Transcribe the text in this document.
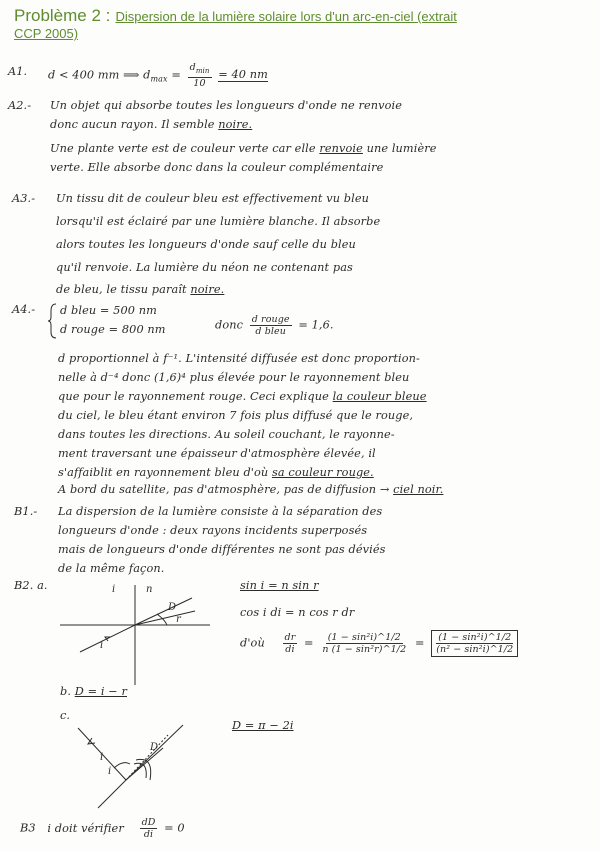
Problème 2 : Dispersion de la lumière solaire lors d'un arc-en-ciel (extrait
CCP 2005)
A1. d < 400 mm ⟹ $d_{max} = \frac{d_{min}}{10} = 40$ nm
A2.- Un objet qui absorbe toutes les longueurs d'onde ne renvoie
donc aucun rayon. Il semble noire.
Une plante verte est de couleur verte car elle renvoie une lumière
verte. Elle absorbe donc dans la couleur complémentaire
A3.- Un tissu dit de couleur bleu est effectivement vu bleu
lorsqu'il est éclairé par une lumière blanche. Il absorbe
alors toutes les longueurs d'onde sauf celle du bleu
qu'il renvoie. La lumière du néon ne contenant pas
de bleu, le tissu paraît noire.
A4.- d bleu = 500 nm
d rouge = 800 nm	donc $\frac{\text{d rouge}}{\text{d bleu}} = 1,6$.
d proportionnel à f⁻¹. L'intensité diffusée est donc proportion-
nelle à d⁻⁴ donc (1,6)⁴ plus élevée pour le rayonnement bleu
que pour le rayonnement rouge. Ceci explique la couleur bleue
du ciel, le bleu étant environ 7 fois plus diffusé que le rouge,
dans toutes les directions. Au soleil couchant, le rayonne-
ment traversant une épaisseur d'atmosphère élevée, il
s'affaiblit en rayonnement bleu d'où sa couleur rouge.
A bord du satellite, pas d'atmosphère, pas de diffusion → ciel noir.
B1.- La dispersion de la lumière consiste à la séparation des
longueurs d'onde : deux rayons incidents superposés
mais de longueurs d'onde différentes ne sont pas déviés
de la même façon.
B2. a.	i	n
D
r
i
sin i = n sin r
cos i di = n cos r dr
d'où $\frac{dr}{di} = \frac{\text{(1 − sin²i)\textasciicircum{}1/2}}{\text{n (1 − sin²r)\textasciicircum{}1/2}} = \frac{\text{(1 − sin²i)\textasciicircum{}1/2}}{\text{(n² − sin²i)\textasciicircum{}1/2}}$
b. D = i − r
c.
i
i
D
D = π − 2i
B3 i doit vérifier $\frac{dD}{di} = 0$
